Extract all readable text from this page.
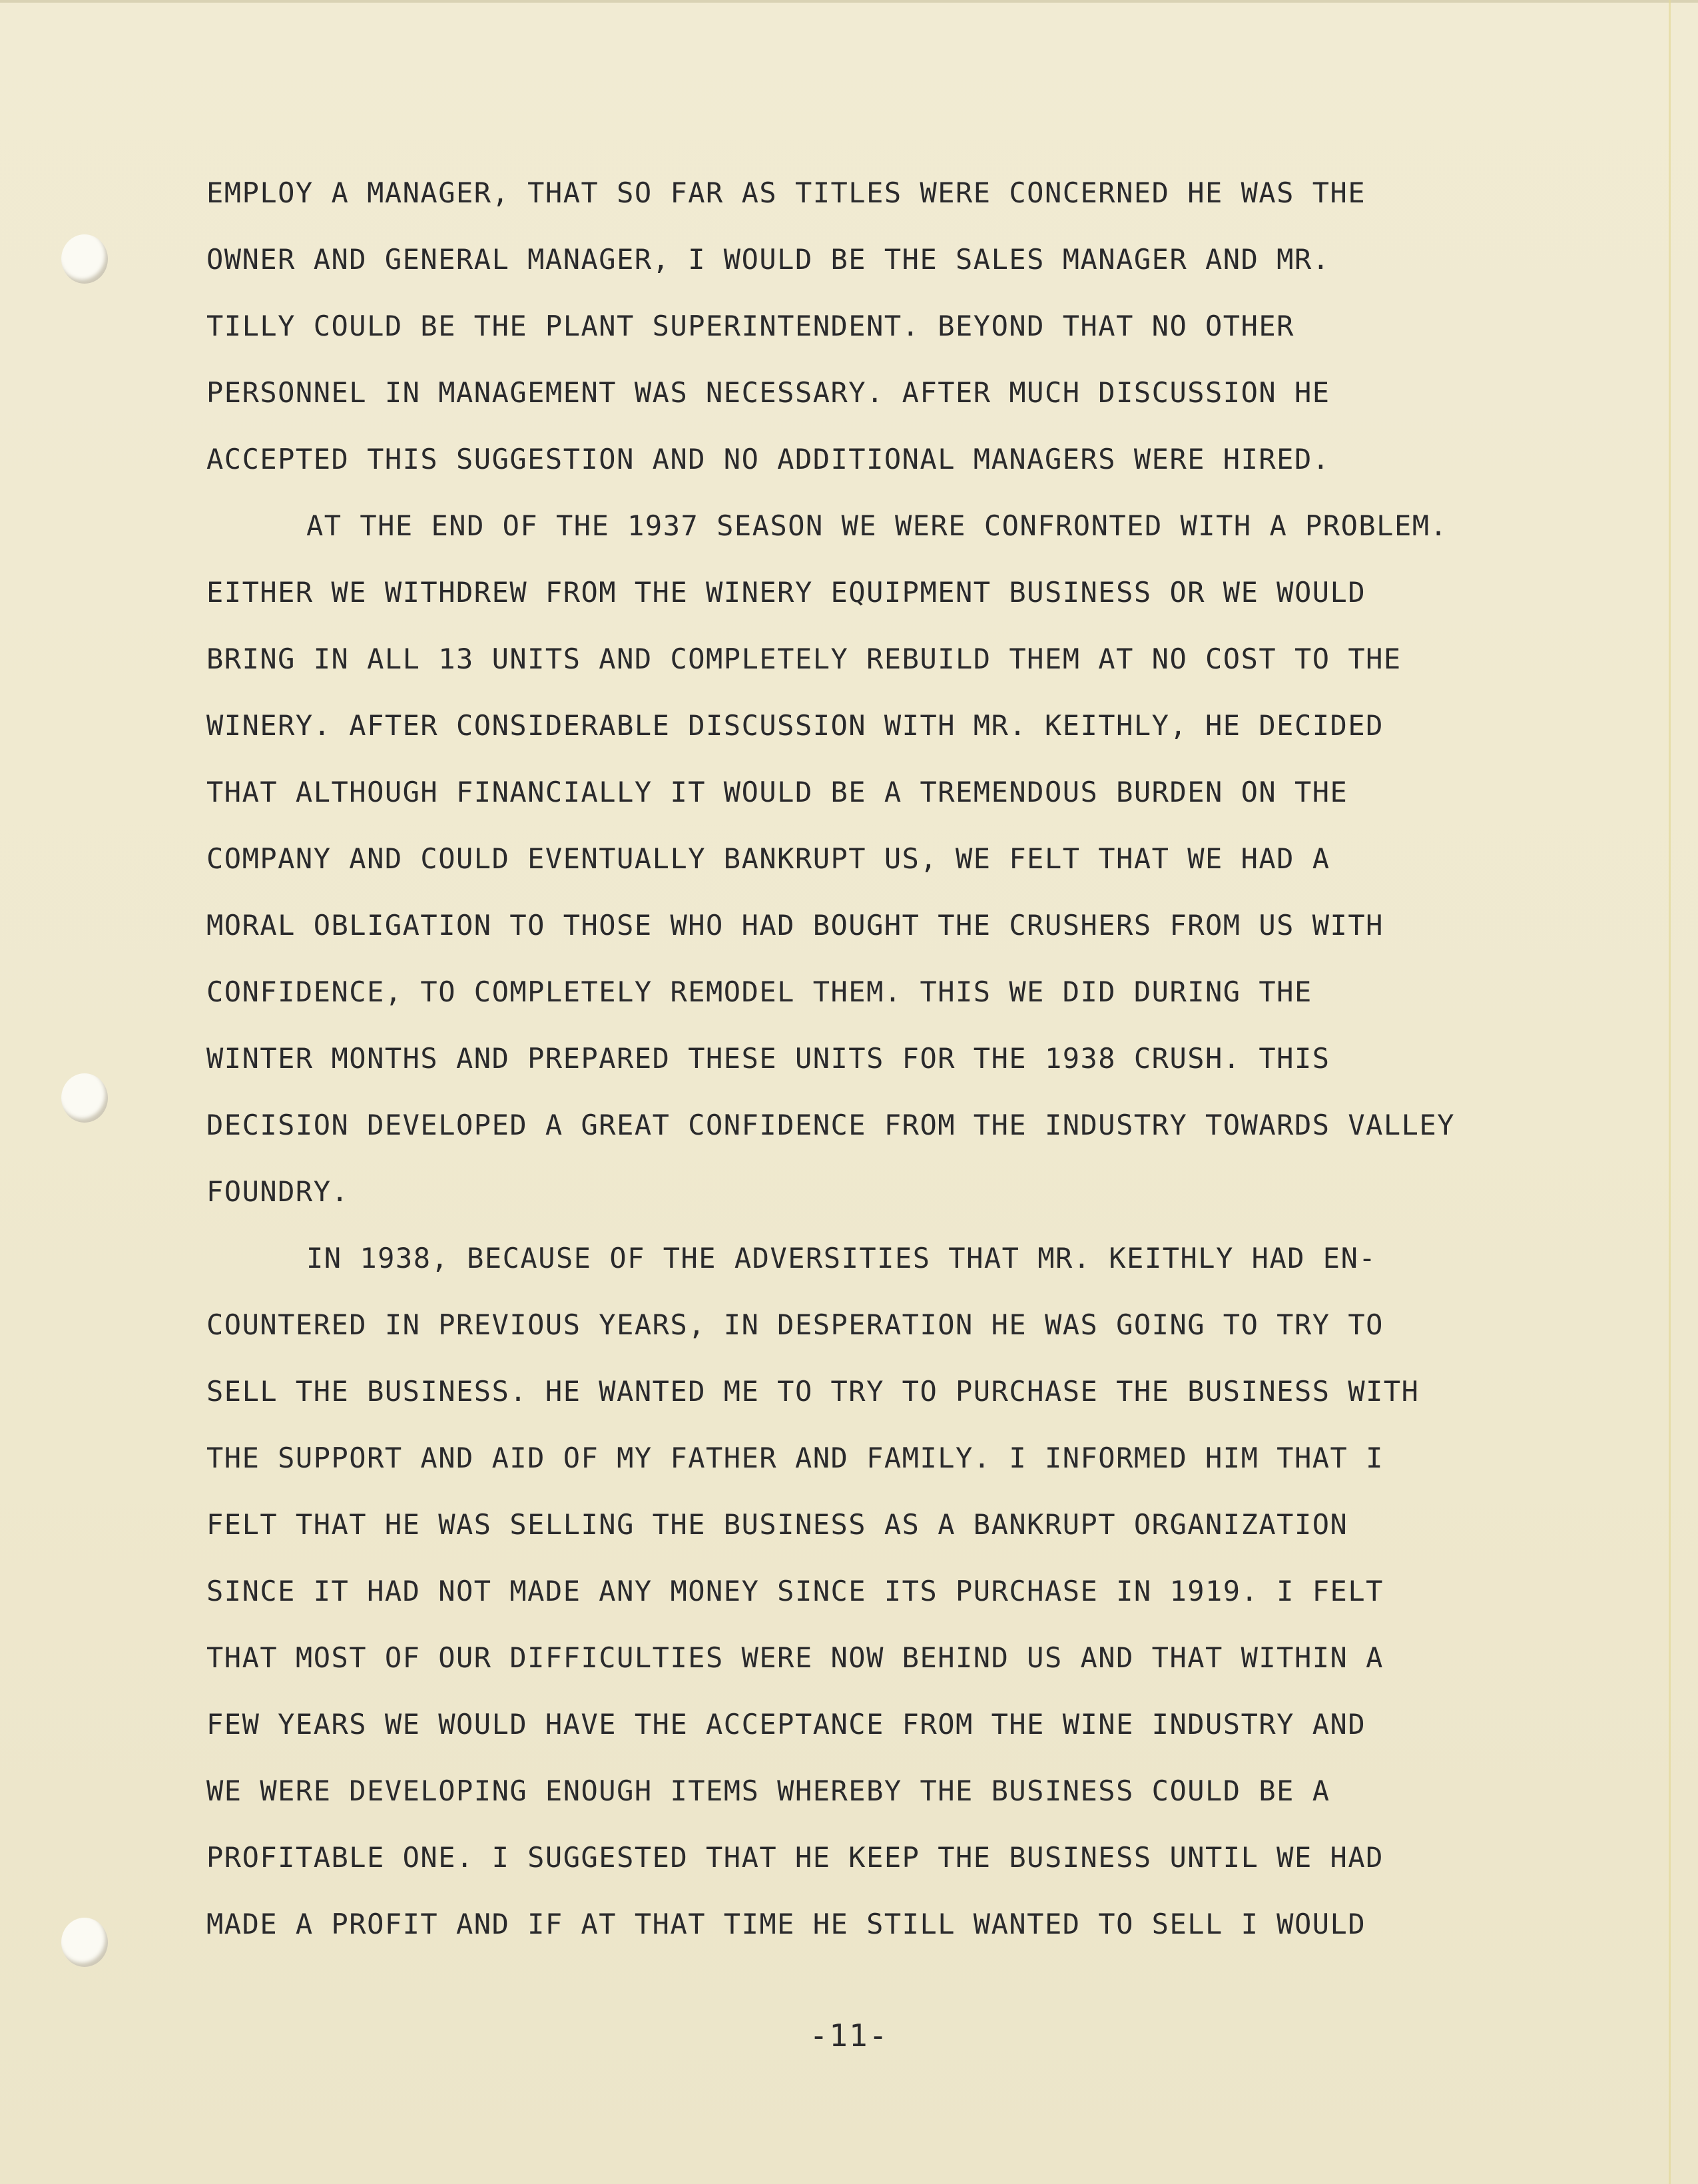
EMPLOY A MANAGER, THAT SO FAR AS TITLES WERE CONCERNED HE WAS THE
OWNER AND GENERAL MANAGER, I WOULD BE THE SALES MANAGER AND MR.
TILLY COULD BE THE PLANT SUPERINTENDENT. BEYOND THAT NO OTHER
PERSONNEL IN MANAGEMENT WAS NECESSARY. AFTER MUCH DISCUSSION HE
ACCEPTED THIS SUGGESTION AND NO ADDITIONAL MANAGERS WERE HIRED.
AT THE END OF THE 1937 SEASON WE WERE CONFRONTED WITH A PROBLEM.
EITHER WE WITHDREW FROM THE WINERY EQUIPMENT BUSINESS OR WE WOULD
BRING IN ALL 13 UNITS AND COMPLETELY REBUILD THEM AT NO COST TO THE
WINERY. AFTER CONSIDERABLE DISCUSSION WITH MR. KEITHLY, HE DECIDED
THAT ALTHOUGH FINANCIALLY IT WOULD BE A TREMENDOUS BURDEN ON THE
COMPANY AND COULD EVENTUALLY BANKRUPT US, WE FELT THAT WE HAD A
MORAL OBLIGATION TO THOSE WHO HAD BOUGHT THE CRUSHERS FROM US WITH
CONFIDENCE, TO COMPLETELY REMODEL THEM. THIS WE DID DURING THE
WINTER MONTHS AND PREPARED THESE UNITS FOR THE 1938 CRUSH. THIS
DECISION DEVELOPED A GREAT CONFIDENCE FROM THE INDUSTRY TOWARDS VALLEY
FOUNDRY.
IN 1938, BECAUSE OF THE ADVERSITIES THAT MR. KEITHLY HAD EN-
COUNTERED IN PREVIOUS YEARS, IN DESPERATION HE WAS GOING TO TRY TO
SELL THE BUSINESS. HE WANTED ME TO TRY TO PURCHASE THE BUSINESS WITH
THE SUPPORT AND AID OF MY FATHER AND FAMILY. I INFORMED HIM THAT I
FELT THAT HE WAS SELLING THE BUSINESS AS A BANKRUPT ORGANIZATION
SINCE IT HAD NOT MADE ANY MONEY SINCE ITS PURCHASE IN 1919. I FELT
THAT MOST OF OUR DIFFICULTIES WERE NOW BEHIND US AND THAT WITHIN A
FEW YEARS WE WOULD HAVE THE ACCEPTANCE FROM THE WINE INDUSTRY AND
WE WERE DEVELOPING ENOUGH ITEMS WHEREBY THE BUSINESS COULD BE A
PROFITABLE ONE. I SUGGESTED THAT HE KEEP THE BUSINESS UNTIL WE HAD
MADE A PROFIT AND IF AT THAT TIME HE STILL WANTED TO SELL I WOULD
-11-
